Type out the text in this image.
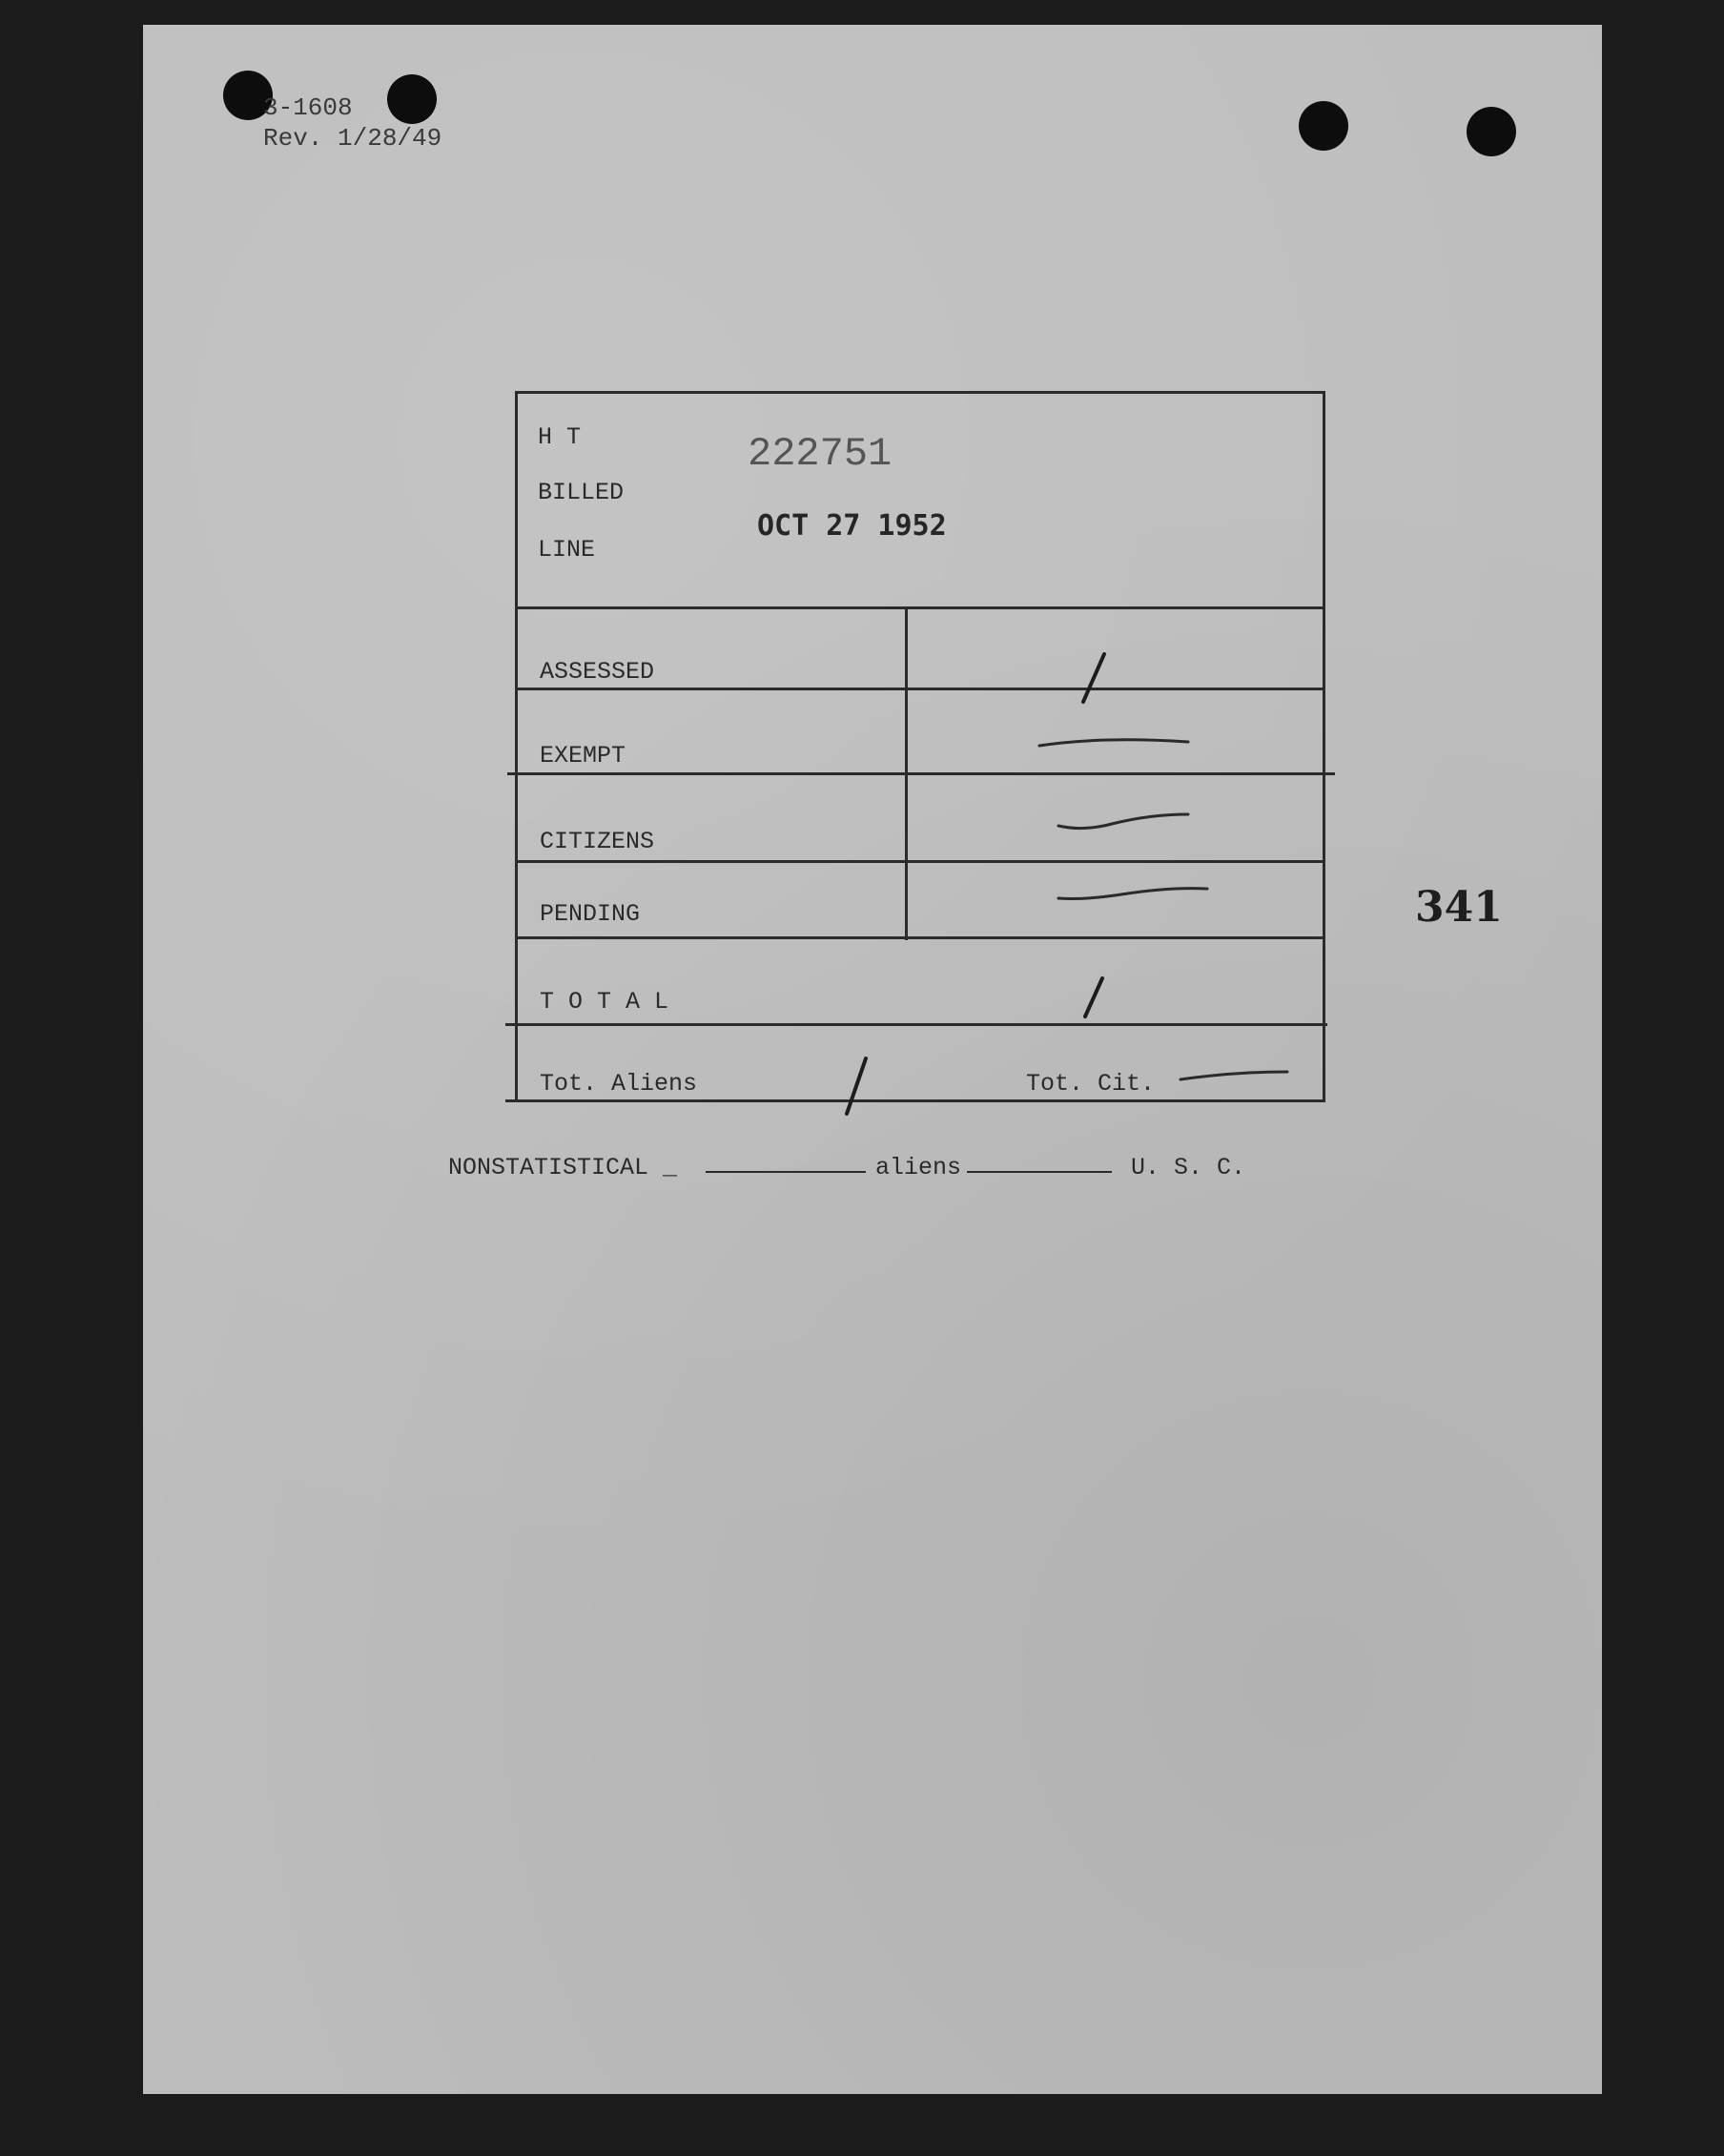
3-1608
Rev. 1/28/49
H T	222751
BILLED
OCT 27 1952
LINE
ASSESSED
EXEMPT
CITIZENS
PENDING
T O T A L
Tot. Aliens	Tot. Cit.
NONSTATISTICAL _	aliens	U. S. C.
341
